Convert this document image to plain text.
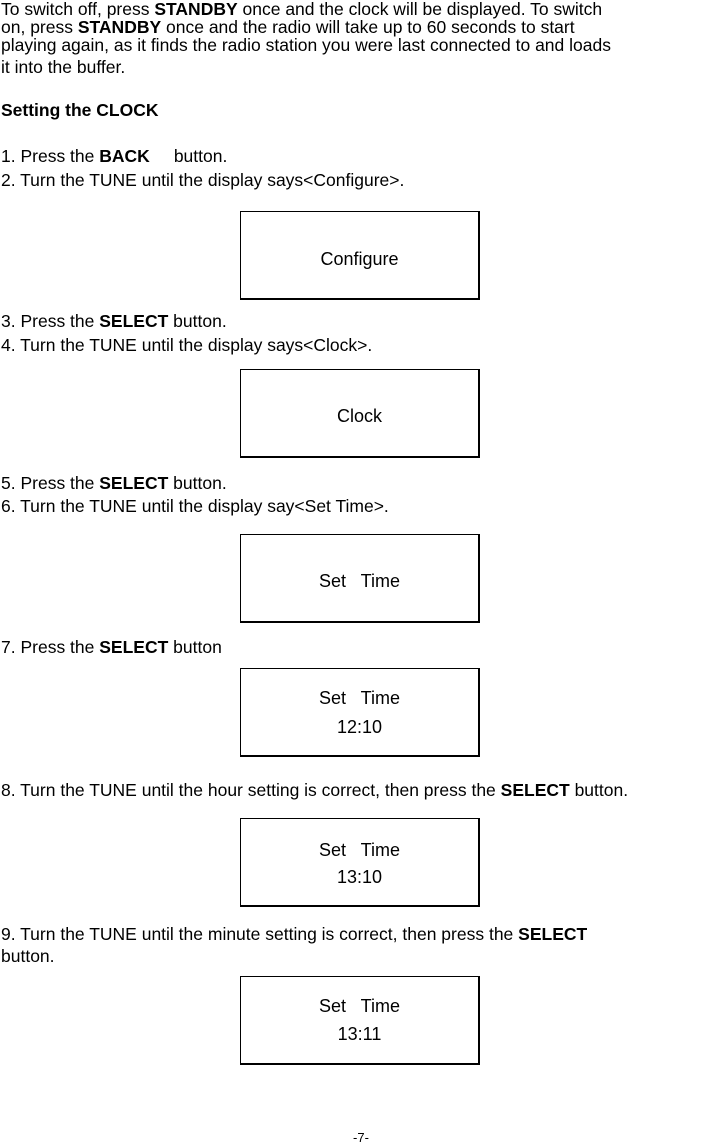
To switch off, press STANDBY once and the clock will be displayed. To switch
on, press STANDBY once and the radio will take up to 60 seconds to start
playing again, as it finds the radio station you were last connected to and loads
it into the buffer.
Setting the CLOCK
1. Press the BACK button.
2. Turn the TUNE until the display says<Configure>.
Configure
3. Press the SELECT button.
4. Turn the TUNE until the display says<Clock>.
Clock
5. Press the SELECT button.
6. Turn the TUNE until the display say<Set Time>.
Set   Time
7. Press the SELECT button
Set   Time
12:10
8. Turn the TUNE until the hour setting is correct, then press the SELECT button.
Set   Time
13:10
9. Turn the TUNE until the minute setting is correct, then press the SELECT
button.
Set   Time
13:11
-7-
